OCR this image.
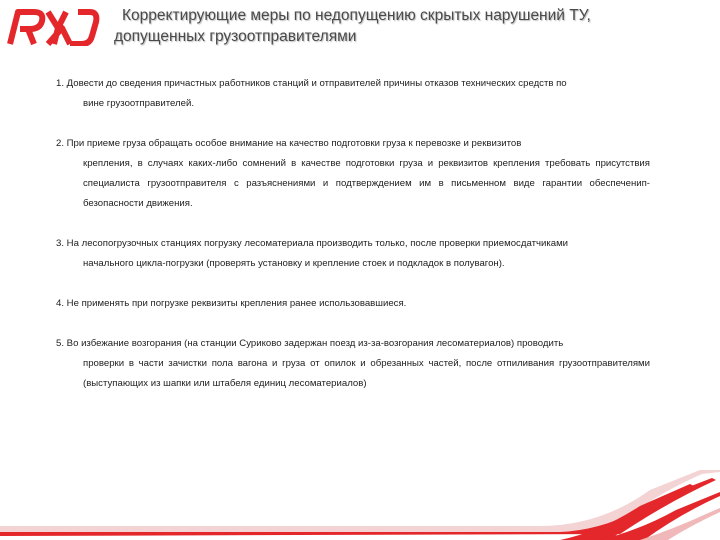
Корректирующие меры по недопущению скрытых нарушений ТУ,
допущенных грузоотправителями
1. Довести до сведения причастных работников станций и отправителей причины отказов технических средств по
вине грузоотправителей.
2. При приеме груза обращать особое внимание на качество подготовки груза к перевозке и реквизитов
крепления, в случаях каких-либо сомнений в качестве подготовки груза и реквизитов крепления требовать присутствия специалиста грузоотправителя с разъяснениями и подтверждением им в письменном виде гарантии обеспеченип-безопасности движения.
3. На лесопогрузочных станциях погрузку лесоматериала производить только, после проверки приемосдатчиками
начального цикла-погрузки (проверять установку и крепление стоек и подкладок в полувагон).
4. Не применять при погрузке реквизиты крепления ранее использовавшиеся.
5. Во избежание возгорания (на станции Суриково задержан поезд из-за-возгорания лесоматериалов) проводить
проверки в части зачистки пола вагона и груза от опилок и обрезанных частей, после отпиливания грузоотправителями (выступающих из шапки или штабеля единиц лесоматериалов)
